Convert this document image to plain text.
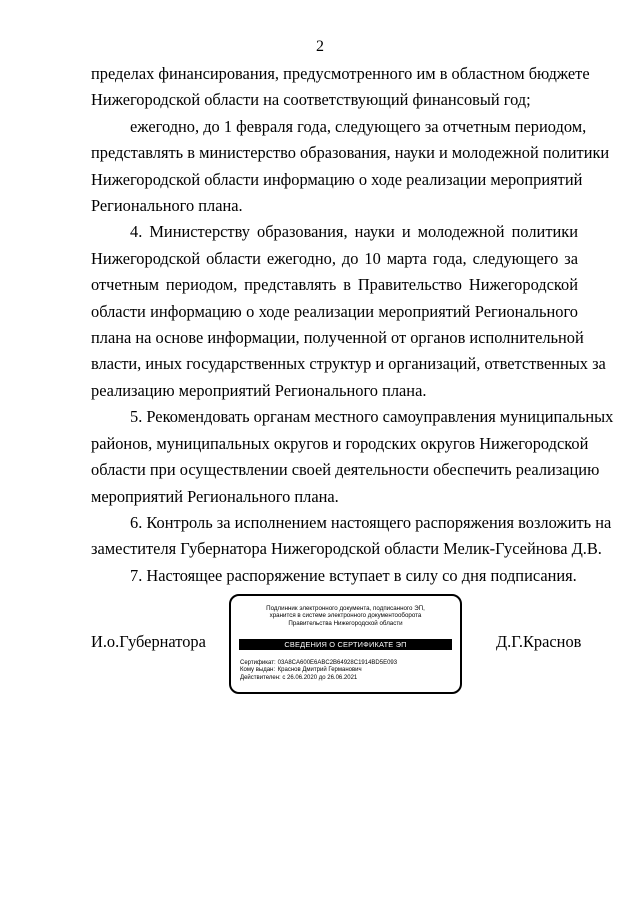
2
пределах финансирования, предусмотренного им в областном бюджете
Нижегородской области на соответствующий финансовый год;
ежегодно, до 1 февраля года, следующего за отчетным периодом,
представлять в министерство образования, науки и молодежной политики
Нижегородской области информацию о ходе реализации мероприятий
Регионального плана.
4. Министерству образования, науки и молодежной политики
Нижегородской области ежегодно, до 10 марта года, следующего за
отчетным периодом, представлять в Правительство Нижегородской
области информацию о ходе реализации мероприятий Регионального
плана на основе информации, полученной от органов исполнительной
власти, иных государственных структур и организаций, ответственных за
реализацию мероприятий Регионального плана.
5. Рекомендовать органам местного самоуправления муниципальных
районов, муниципальных округов и городских округов Нижегородской
области при осуществлении своей деятельности обеспечить реализацию
мероприятий Регионального плана.
6. Контроль за исполнением настоящего распоряжения возложить на
заместителя Губернатора Нижегородской области Мелик-Гусейнова Д.В.
7. Настоящее распоряжение вступает в силу со дня подписания.
И.о.Губернатора
Подлинник электронного документа, подписанного ЭП,
хранится в системе электронного документооборота
Правительства Нижегородской области
СВЕДЕНИЯ О СЕРТИФИКАТЕ ЭП
Сертификат: 03A8CA600E6ABC2B64928C1914BD5E093
Кому выдан: Краснов Дмитрий Германович
Действителен: с 26.06.2020 до 26.06.2021
Д.Г.Краснов
